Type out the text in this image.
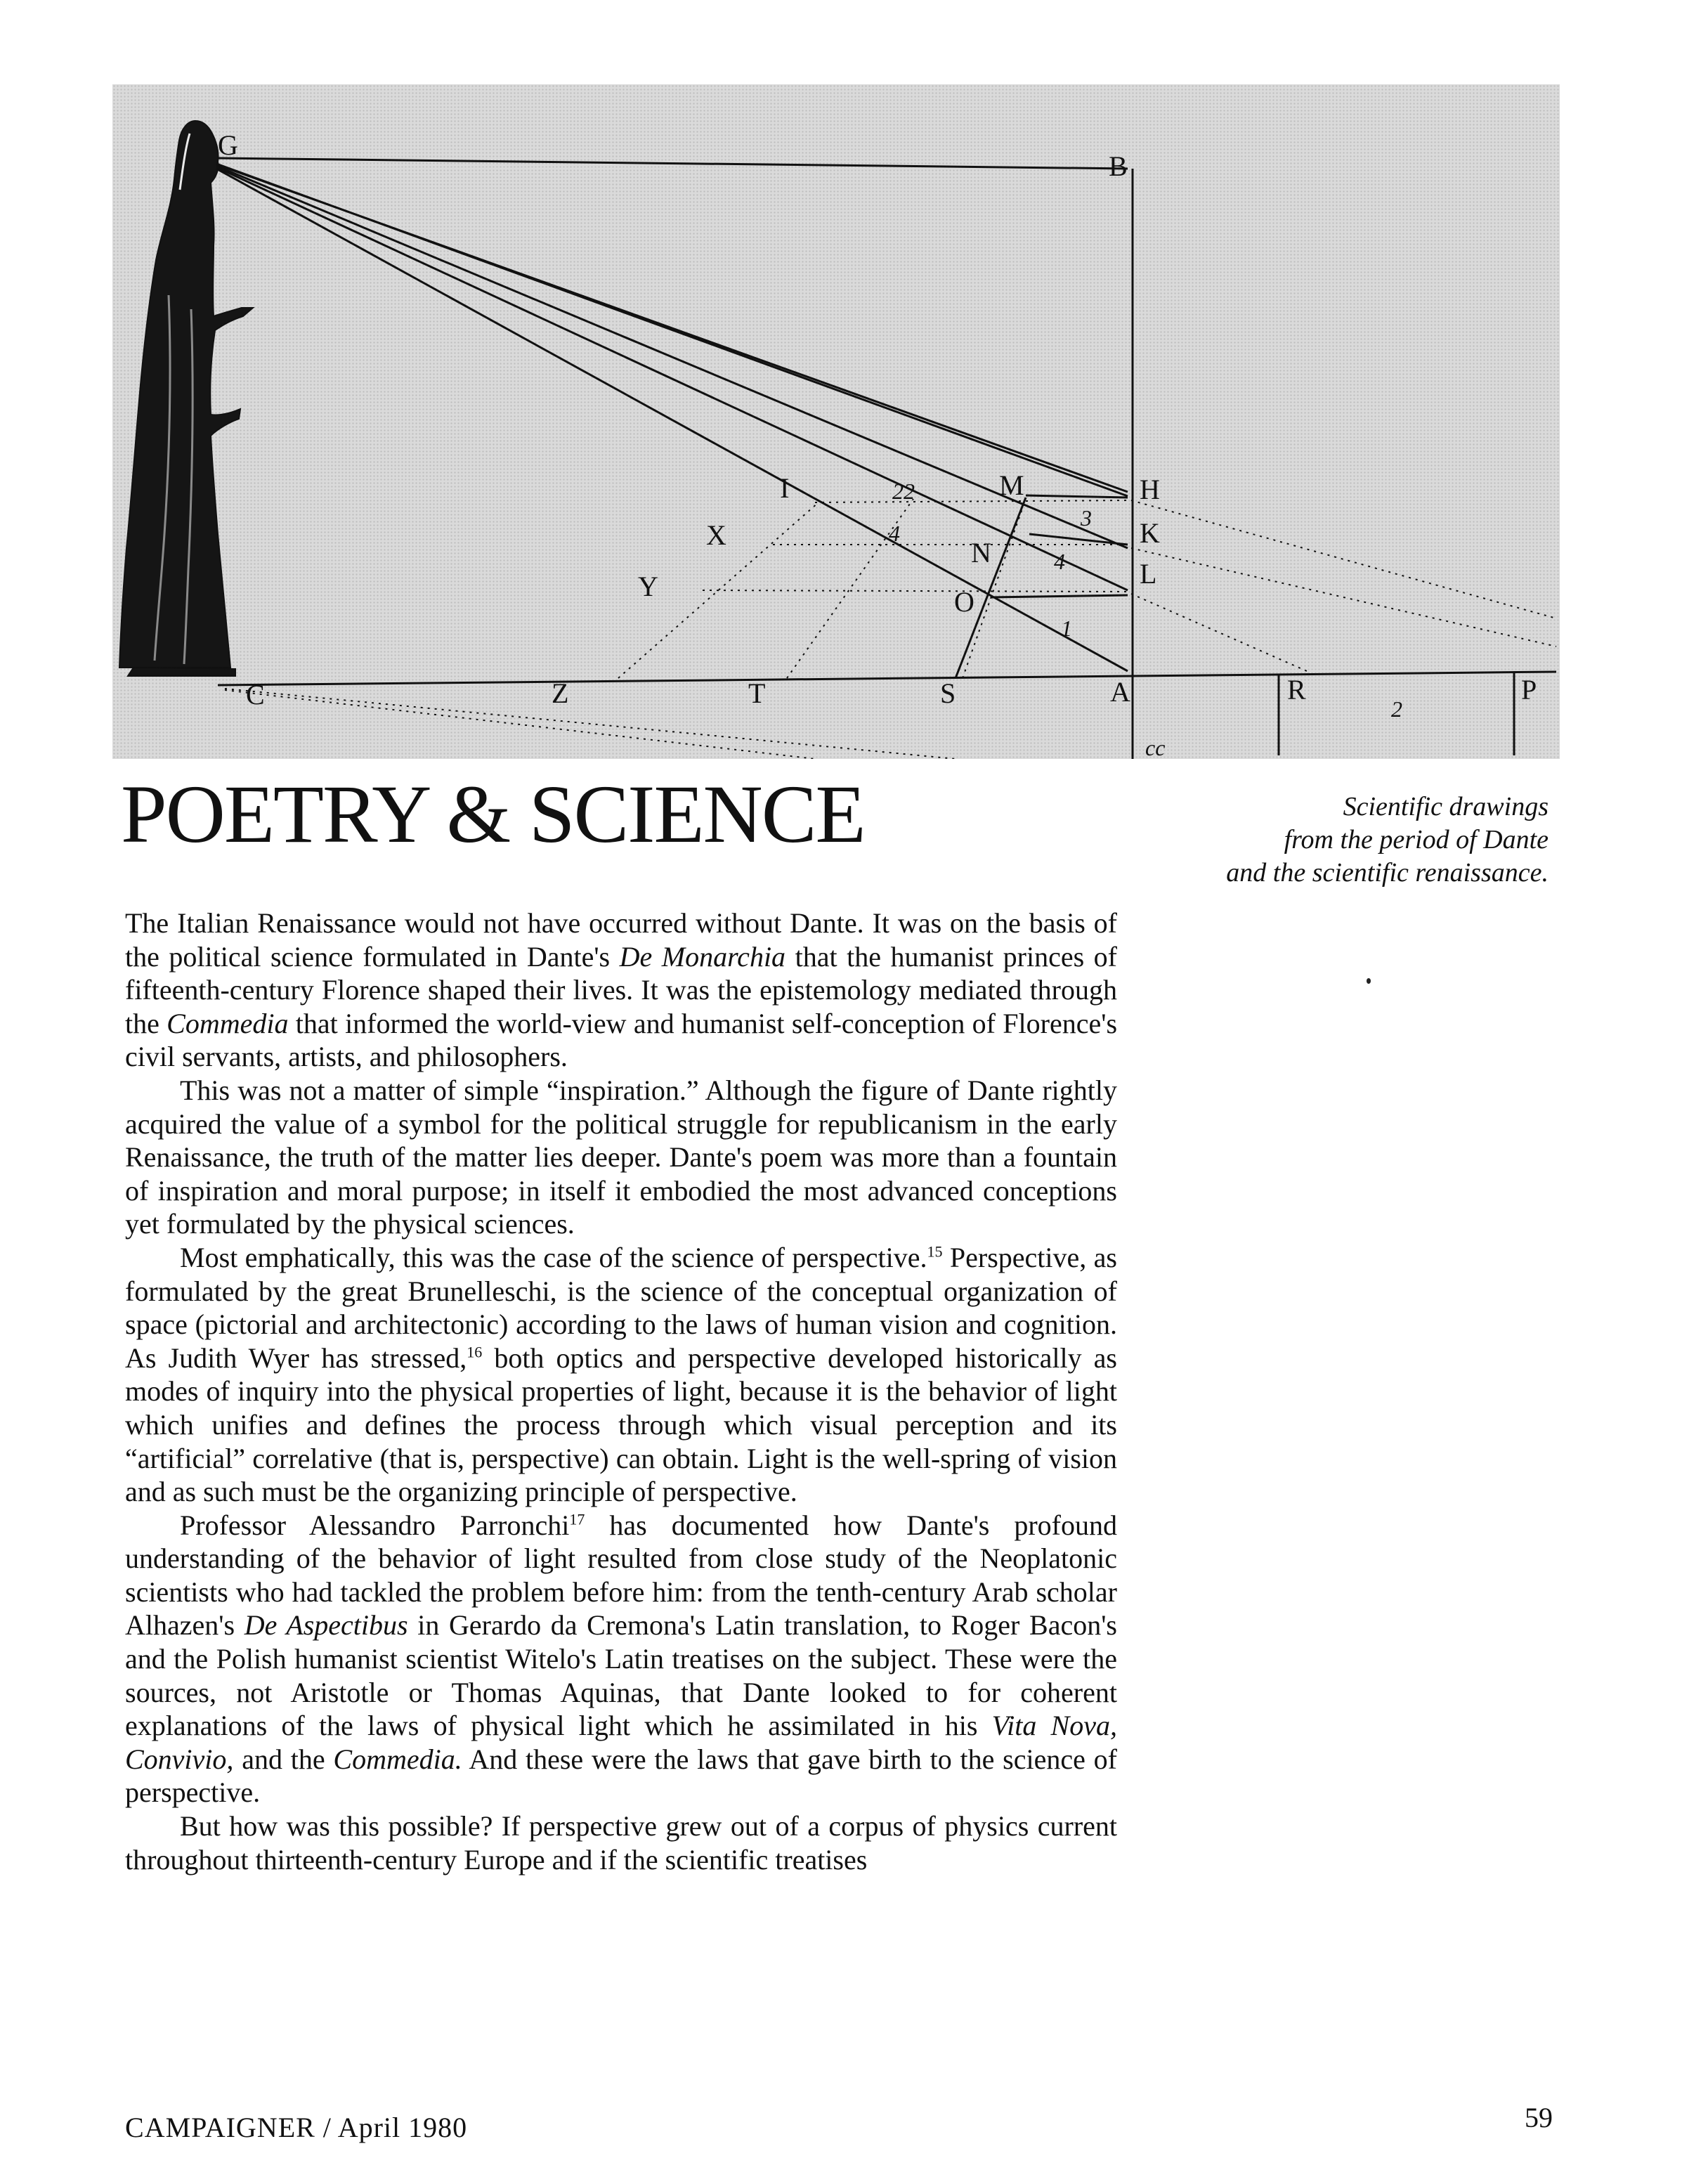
G
B
H
K
L
M
I
X
Y
N
O
C	Z	T	S	A	R	P
22
4
3
4
1
2
cc
POETRY & SCIENCE	Scientific drawings
from the period of Dante
and the scientific renaissance.

The Italian Renaissance would not have occurred without Dante. It was on the basis of the political science formulated in Dante's De Monarchia that the humanist princes of fifteenth-century Florence shaped their lives. It was the epistemology mediated through the Commedia that informed the world-view and humanist self-conception of Florence's civil servants, artists, and philosophers.

This was not a matter of simple “inspiration.” Although the figure of Dante rightly acquired the value of a symbol for the political struggle for republicanism in the early Renaissance, the truth of the matter lies deeper. Dante's poem was more than a fountain of inspiration and moral purpose; in itself it embodied the most advanced conceptions yet formulated by the physical sciences.

Most emphatically, this was the case of the science of perspective.$^{15}$ Perspective, as formulated by the great Brunelleschi, is the science of the conceptual organization of space (pictorial and architectonic) according to the laws of human vision and cognition. As Judith Wyer has stressed,$^{16}$ both optics and perspective developed historically as modes of inquiry into the physical properties of light, because it is the behavior of light which unifies and defines the process through which visual perception and its “artificial” correlative (that is, perspective) can obtain. Light is the well-spring of vision and as such must be the organizing principle of perspective.

Professor Alessandro Parronchi$^{17}$ has documented how Dante's profound understanding of the behavior of light resulted from close study of the Neoplatonic scientists who had tackled the problem before him: from the tenth-century Arab scholar Alhazen's De Aspectibus in Gerardo da Cremona's Latin translation, to Roger Bacon's and the Polish humanist scientist Witelo's Latin treatises on the subject. These were the sources, not Aristotle or Thomas Aquinas, that Dante looked to for coherent explanations of the laws of physical light which he assimilated in his Vita Nova, Convivio, and the Commedia. And these were the laws that gave birth to the science of perspective.

But how was this possible? If perspective grew out of a corpus of physics current throughout thirteenth-century Europe and if the scientific treatises

CAMPAIGNER / April 1980	59
